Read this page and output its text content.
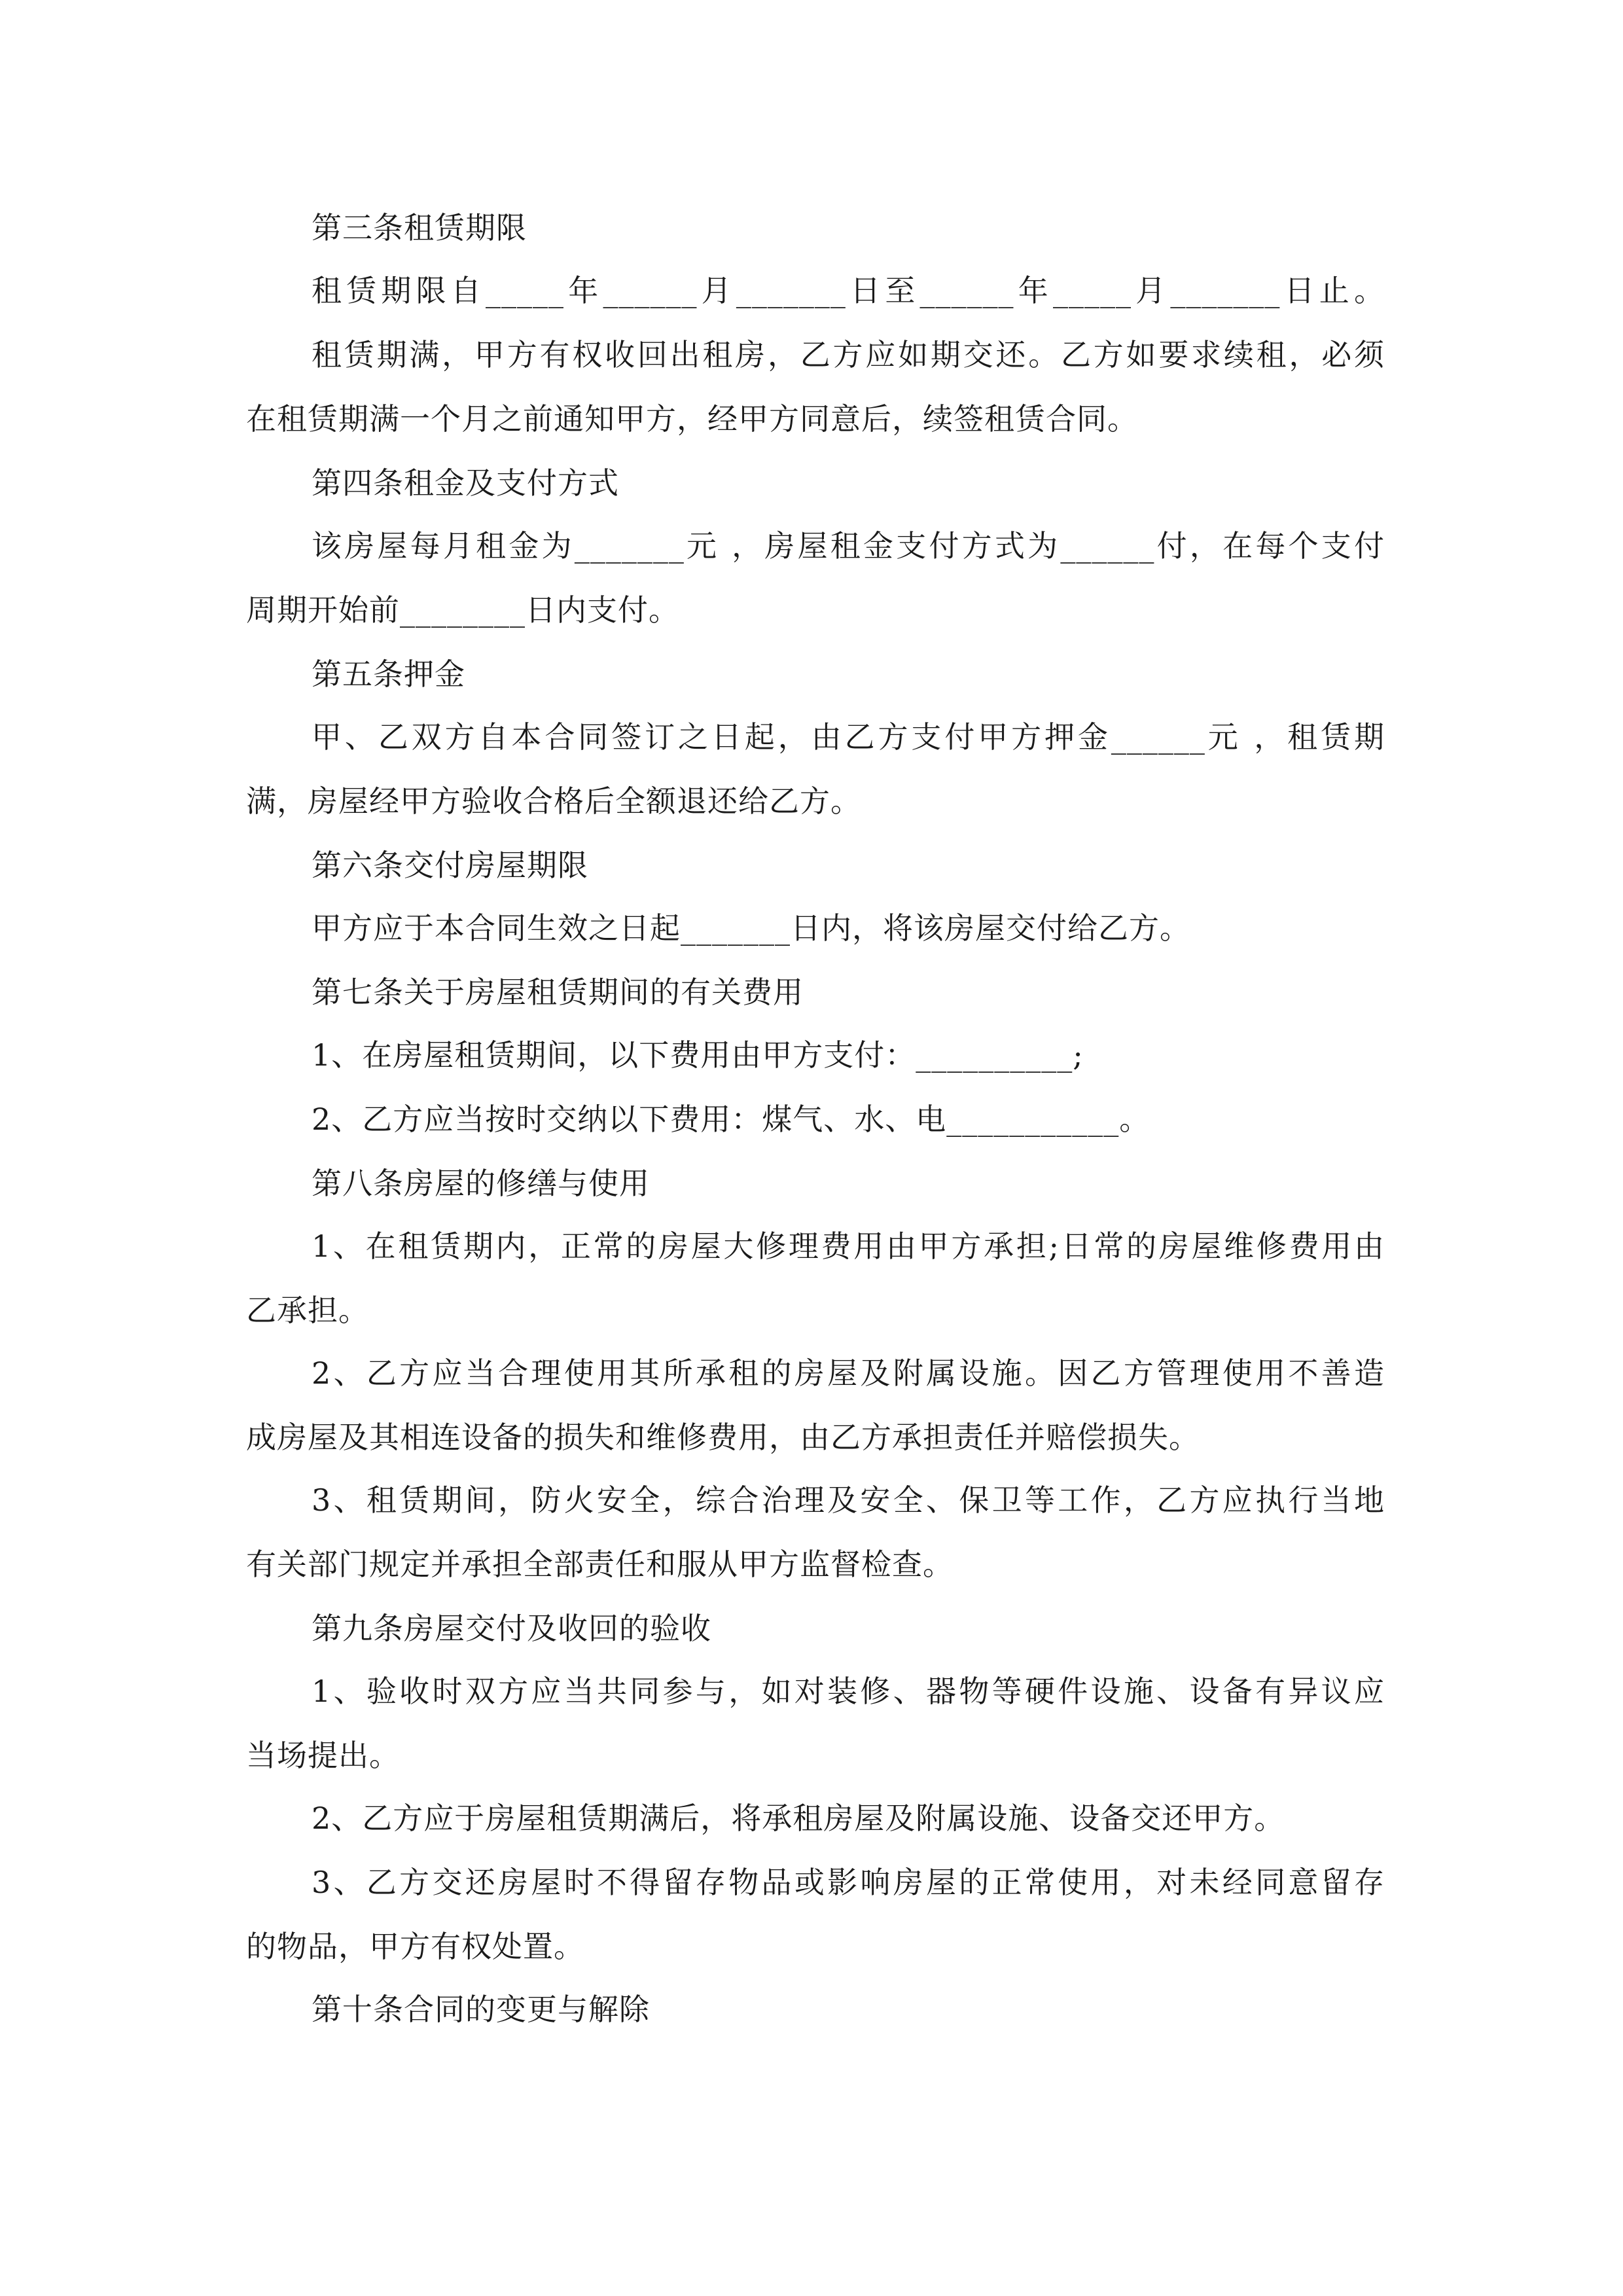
第三条租赁期限
租赁期限自_____年______月_______日至______年_____月_______日止。
租赁期满，甲方有权收回出租房，乙方应如期交还。乙方如要求续租，必须
在租赁期满一个月之前通知甲方，经甲方同意后，续签租赁合同。
第四条租金及支付方式
该房屋每月租金为_______元 ，房屋租金支付方式为______付，在每个支付
周期开始前________日内支付。
第五条押金
甲、乙双方自本合同签订之日起，由乙方支付甲方押金______元 ，租赁期
满，房屋经甲方验收合格后全额退还给乙方。
第六条交付房屋期限
甲方应于本合同生效之日起_______日内，将该房屋交付给乙方。
第七条关于房屋租赁期间的有关费用
1、在房屋租赁期间，以下费用由甲方支付：__________;
2、乙方应当按时交纳以下费用：煤气、水、电___________。
第八条房屋的修缮与使用
1、在租赁期内，正常的房屋大修理费用由甲方承担;日常的房屋维修费用由
乙承担。
2、乙方应当合理使用其所承租的房屋及附属设施。因乙方管理使用不善造
成房屋及其相连设备的损失和维修费用，由乙方承担责任并赔偿损失。
3、租赁期间，防火安全，综合治理及安全、保卫等工作，乙方应执行当地
有关部门规定并承担全部责任和服从甲方监督检查。
第九条房屋交付及收回的验收
1、验收时双方应当共同参与，如对装修、器物等硬件设施、设备有异议应
当场提出。
2、乙方应于房屋租赁期满后，将承租房屋及附属设施、设备交还甲方。
3、乙方交还房屋时不得留存物品或影响房屋的正常使用，对未经同意留存
的物品，甲方有权处置。
第十条合同的变更与解除
